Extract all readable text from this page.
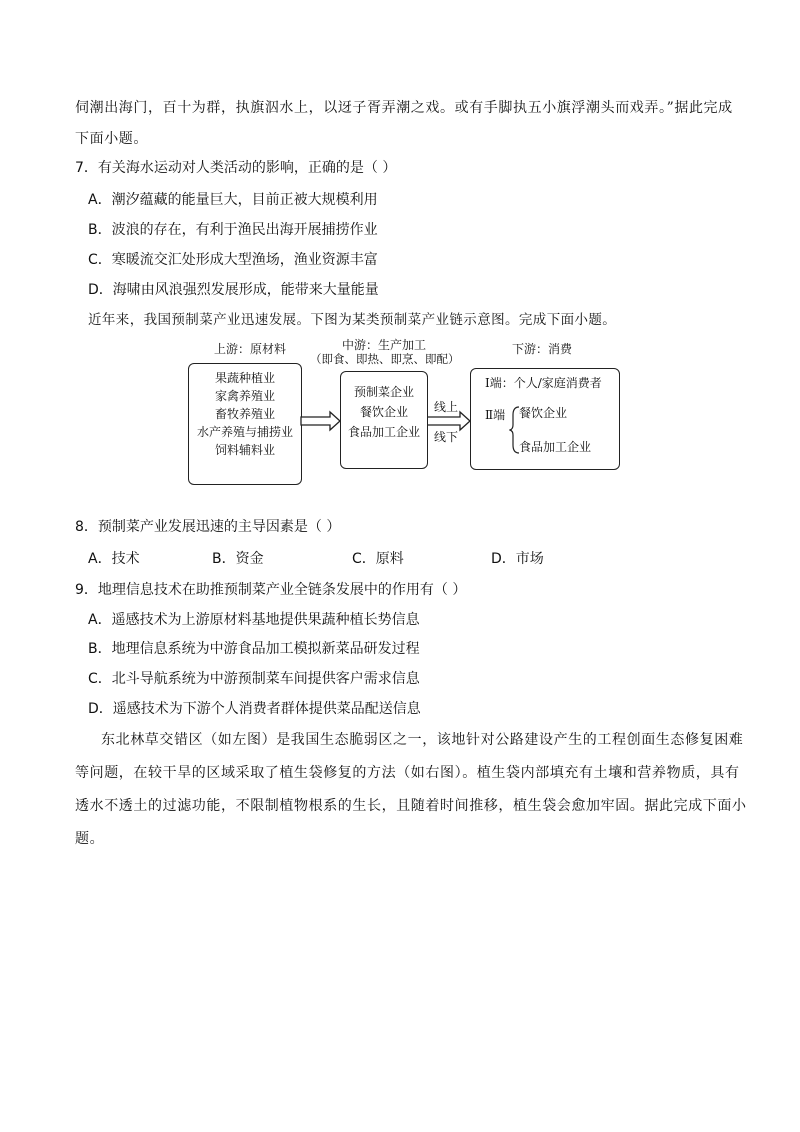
伺潮出海门，百十为群，执旗泅水上，以迓子胥弄潮之戏。或有手脚执五小旗浮潮头而戏弄。”据此完成
下面小题。
7．有关海水运动对人类活动的影响，正确的是（ ）
A．潮汐蕴藏的能量巨大，目前正被大规模利用
B．波浪的存在，有利于渔民出海开展捕捞作业
C．寒暖流交汇处形成大型渔场，渔业资源丰富
D．海啸由风浪强烈发展形成，能带来大量能量
近年来，我国预制菜产业迅速发展。下图为某类预制菜产业链示意图。完成下面小题。
上游：原材料	中游：生产加工
（即食、即热、即烹、即配）
下游：消费
果蔬种植业
家禽养殖业
畜牧养殖业
水产养殖与捕捞业
饲料辅料业
预制菜企业
餐饮企业
食品加工企业
线上
线下
Ⅰ端：个人/家庭消费者
Ⅱ端 餐饮企业
食品加工企业
8．预制菜产业发展迅速的主导因素是（ ）
A．技术	B．资金	C．原料	D．市场
9．地理信息技术在助推预制菜产业全链条发展中的作用有（ ）
A．遥感技术为上游原材料基地提供果蔬种植长势信息
B．地理信息系统为中游食品加工模拟新菜品研发过程
C．北斗导航系统为中游预制菜车间提供客户需求信息
D．遥感技术为下游个人消费者群体提供菜品配送信息
东北林草交错区（如左图）是我国生态脆弱区之一，该地针对公路建设产生的工程创面生态修复困难
等问题，在较干旱的区域采取了植生袋修复的方法（如右图）。植生袋内部填充有土壤和营养物质，具有
透水不透土的过滤功能，不限制植物根系的生长，且随着时间推移，植生袋会愈加牢固。据此完成下面小
题。
